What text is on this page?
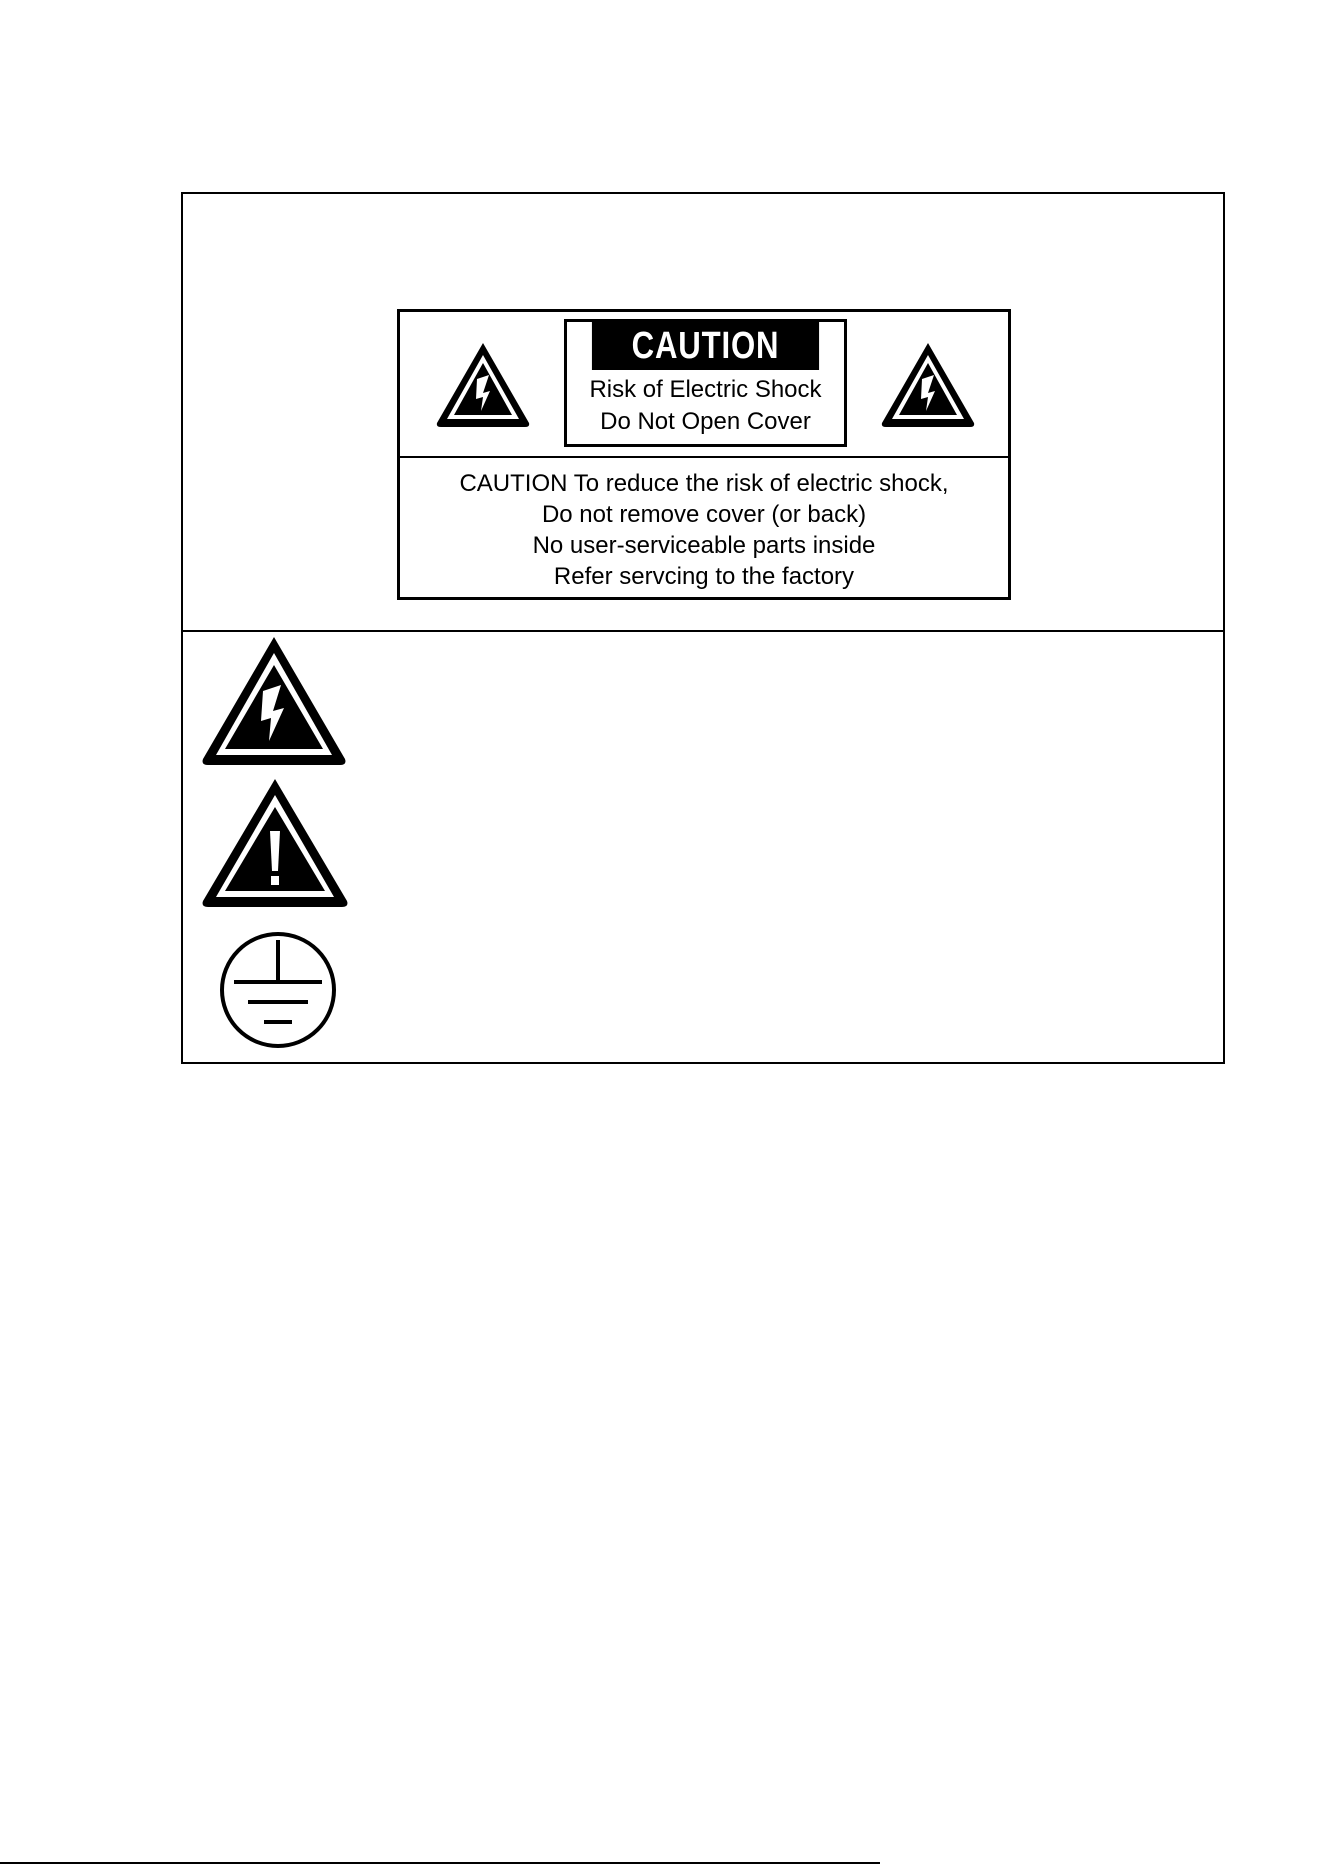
CAUTION
Risk of Electric Shock
Do Not Open Cover
CAUTION To reduce the risk of electric shock,
Do not remove cover (or back)
No user-serviceable parts inside
Refer servcing to the factory
